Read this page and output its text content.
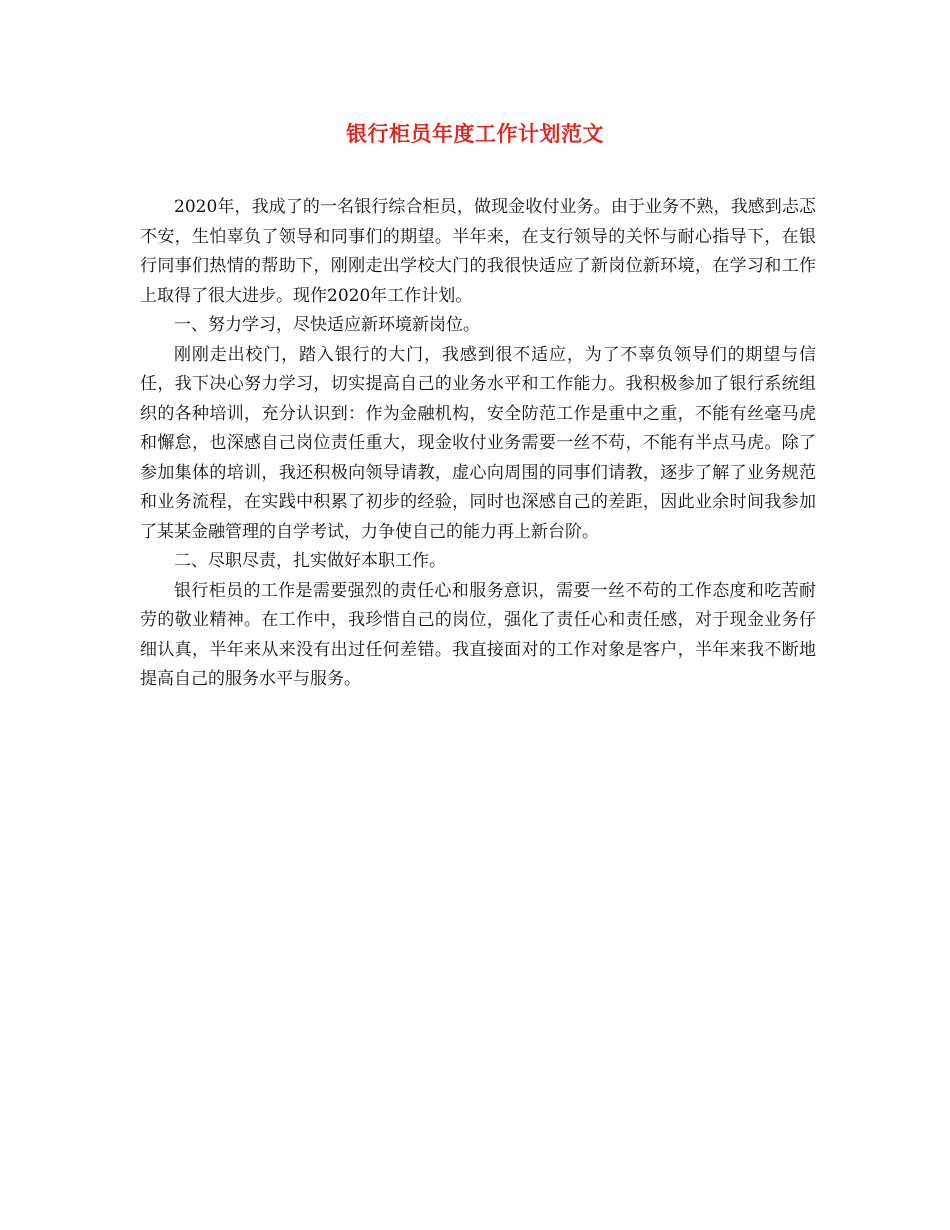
银行柜员年度工作计划范文

2020年，我成了的一名银行综合柜员，做现金收付业务。由于业务不熟，我感到忐忑不安，生怕辜负了领导和同事们的期望。半年来，在支行领导的关怀与耐心指导下，在银行同事们热情的帮助下，刚刚走出学校大门的我很快适应了新岗位新环境，在学习和工作上取得了很大进步。现作2020年工作计划。

一、努力学习，尽快适应新环境新岗位。

刚刚走出校门，踏入银行的大门，我感到很不适应，为了不辜负领导们的期望与信任，我下决心努力学习，切实提高自己的业务水平和工作能力。我积极参加了银行系统组织的各种培训，充分认识到：作为金融机构，安全防范工作是重中之重，不能有丝毫马虎和懈怠，也深感自己岗位责任重大，现金收付业务需要一丝不苟，不能有半点马虎。除了参加集体的培训，我还积极向领导请教，虚心向周围的同事们请教，逐步了解了业务规范和业务流程，在实践中积累了初步的经验，同时也深感自己的差距，因此业余时间我参加了某某金融管理的自学考试，力争使自己的能力再上新台阶。

二、尽职尽责，扎实做好本职工作。

银行柜员的工作是需要强烈的责任心和服务意识，需要一丝不苟的工作态度和吃苦耐劳的敬业精神。在工作中，我珍惜自己的岗位，强化了责任心和责任感，对于现金业务仔细认真，半年来从来没有出过任何差错。我直接面对的工作对象是客户，半年来我不断地提高自己的服务水平与服务。
